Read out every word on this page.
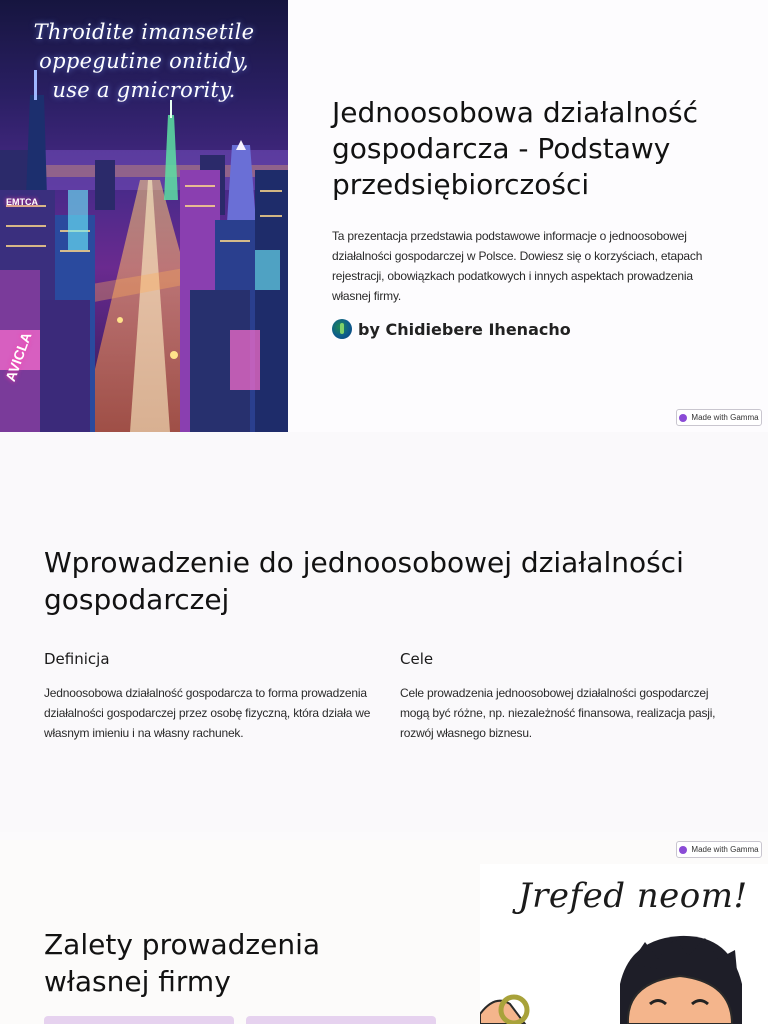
Throidite imansetile
oppegutine onitidy,
use a gmicrority.
EMTCA
AVICLA
Jednoosobowa działalność gospodarcza - Podstawy przedsiębiorczości

Ta prezentacja przedstawia podstawowe informacje o jednoosobowej działalności gospodarczej w Polsce. Dowiesz się o korzyściach, etapach rejestracji, obowiązkach podatkowych i innych aspektach prowadzenia własnej firmy.

by Chidiebere Ihenacho
Made with Gamma
Wprowadzenie do jednoosobowej działalności gospodarczej
Definicja

Jednoosobowa działalność gospodarcza to forma prowadzenia działalności gospodarczej przez osobę fizyczną, która działa we własnym imieniu i na własny rachunek.

Cele

Cele prowadzenia jednoosobowej działalności gospodarczej mogą być różne, np. niezależność finansowa, realizacja pasji, rozwój własnego biznesu.

Zalety prowadzenia własnej firmy
Jrefed neom!
Made with Gamma
